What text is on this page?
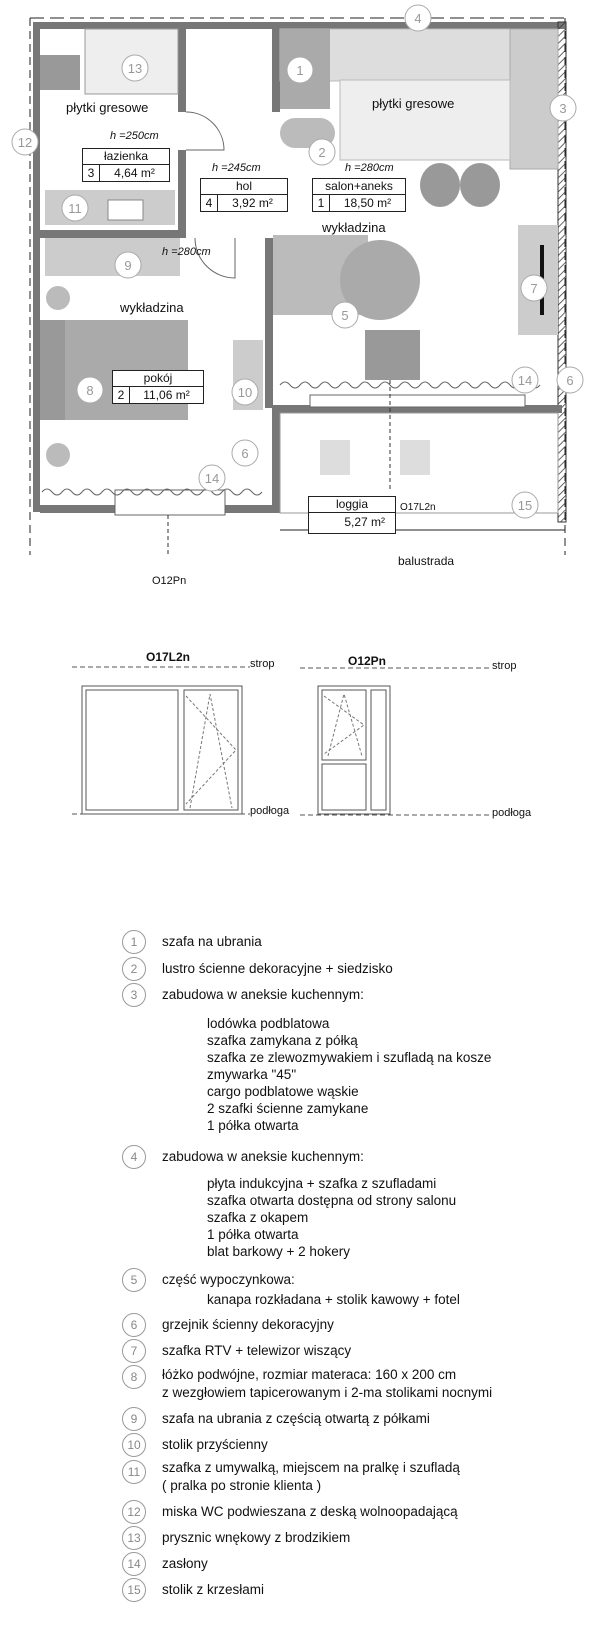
1
2
3
4
5
6
6
7
8
9
10
11
12
13
14
14
15
płytki gresowe
h =250cm
łazienka
3	4,64 m²	h =245cm
hol
4	3,92 m²
płytki gresowe
h =280cm
salon+aneks
1	18,50 m²
wykładzina
h =280cm
wykładzina
pokój
2	11,06 m²
loggia
5,27 m²
O17L2n
balustrada
O12Pn
O17L2n	O12Pn
strop
podłoga
strop
podłoga
1	szafa na ubrania
2	lustro ścienne dekoracyjne + siedzisko
3	zabudowa w aneksie kuchennym:
lodówka podblatowa
szafka zamykana z półką
szafka ze zlewozmywakiem i szufladą na kosze
zmywarka "45"
cargo podblatowe wąskie
2 szafki ścienne zamykane
1 półka otwarta
4	zabudowa w aneksie kuchennym:
płyta indukcyjna + szafka z szufladami
szafka otwarta dostępna od strony salonu
szafka z okapem
1 półka otwarta
blat barkowy + 2 hokery
5	część wypoczynkowa:
kanapa rozkładana + stolik kawowy + fotel
6	grzejnik ścienny dekoracyjny
7	szafka RTV + telewizor wiszący
8	łóżko podwójne, rozmiar materaca: 160 x 200 cm
z wezgłowiem tapicerowanym i 2-ma stolikami nocnymi
9	szafa na ubrania z częścią otwartą z półkami
10	stolik przyścienny
11	szafka z umywalką, miejscem na pralkę i szufladą
( pralka po stronie klienta )
12	miska WC podwieszana z deską wolnoopadającą
13	prysznic wnękowy z brodzikiem
14	zasłony
15	stolik z krzesłami
